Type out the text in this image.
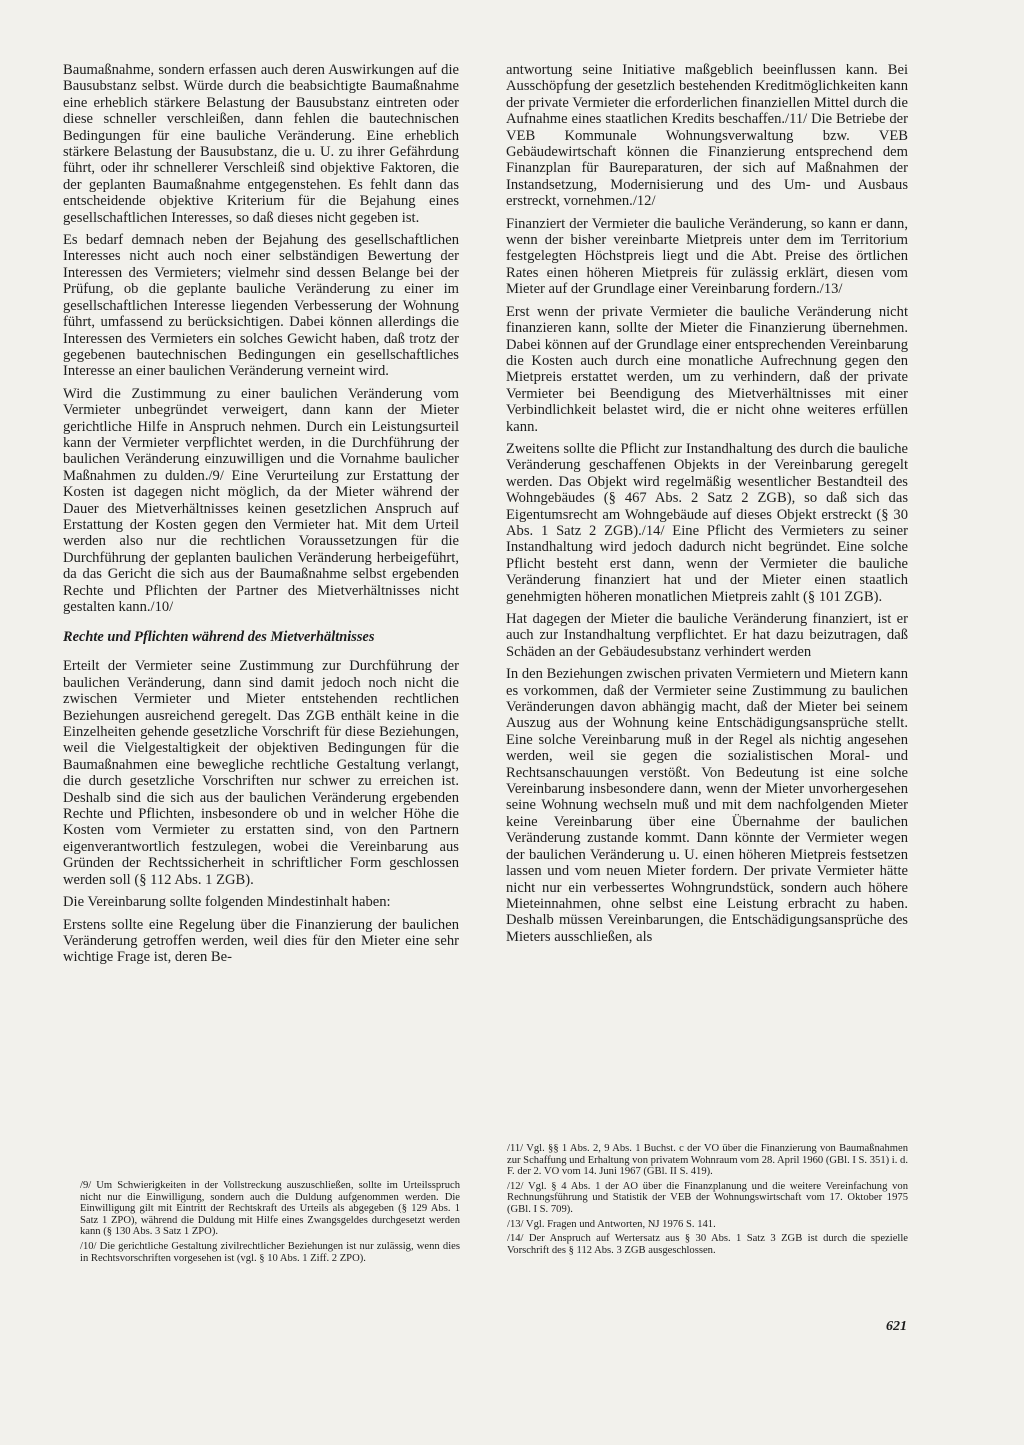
Baumaßnahme, sondern erfassen auch deren Auswirkungen auf die Bausubstanz selbst. Würde durch die beabsichtigte Baumaßnahme eine erheblich stärkere Belastung der Bausubstanz eintreten oder diese schneller verschleißen, dann fehlen die bautechnischen Bedingungen für eine bauliche Veränderung. Eine erheblich stärkere Belastung der Bausubstanz, die u. U. zu ihrer Gefährdung führt, oder ihr schnellerer Verschleiß sind objektive Faktoren, die der geplanten Baumaßnahme entgegenstehen. Es fehlt dann das entscheidende objektive Kriterium für die Bejahung eines gesellschaftlichen Interesses, so daß dieses nicht gegeben ist.

Es bedarf demnach neben der Bejahung des gesellschaftlichen Interesses nicht auch noch einer selbständigen Bewertung der Interessen des Vermieters; vielmehr sind dessen Belange bei der Prüfung, ob die geplante bauliche Veränderung zu einer im gesellschaftlichen Interesse liegenden Verbesserung der Wohnung führt, umfassend zu berücksichtigen. Dabei können allerdings die Interessen des Vermieters ein solches Gewicht haben, daß trotz der gegebenen bautechnischen Bedingungen ein gesellschaftliches Interesse an einer baulichen Veränderung verneint wird.

Wird die Zustimmung zu einer baulichen Veränderung vom Vermieter unbegründet verweigert, dann kann der Mieter gerichtliche Hilfe in Anspruch nehmen. Durch ein Leistungsurteil kann der Vermieter verpflichtet werden, in die Durchführung der baulichen Veränderung einzuwilligen und die Vornahme baulicher Maßnahmen zu dulden./9/ Eine Verurteilung zur Erstattung der Kosten ist dagegen nicht möglich, da der Mieter während der Dauer des Mietverhältnisses keinen gesetzlichen Anspruch auf Erstattung der Kosten gegen den Vermieter hat. Mit dem Urteil werden also nur die rechtlichen Voraussetzungen für die Durchführung der geplanten baulichen Veränderung herbeigeführt, da das Gericht die sich aus der Baumaßnahme selbst ergebenden Rechte und Pflichten der Partner des Mietverhältnisses nicht gestalten kann./10/

Rechte und Pflichten während des Mietverhältnisses

Erteilt der Vermieter seine Zustimmung zur Durchführung der baulichen Veränderung, dann sind damit jedoch noch nicht die zwischen Vermieter und Mieter entstehenden rechtlichen Beziehungen ausreichend geregelt. Das ZGB enthält keine in die Einzelheiten gehende gesetzliche Vorschrift für diese Beziehungen, weil die Vielgestaltigkeit der objektiven Bedingungen für die Baumaßnahmen eine bewegliche rechtliche Gestaltung verlangt, die durch gesetzliche Vorschriften nur schwer zu erreichen ist. Deshalb sind die sich aus der baulichen Veränderung ergebenden Rechte und Pflichten, insbesondere ob und in welcher Höhe die Kosten vom Vermieter zu erstatten sind, von den Partnern eigenverantwortlich festzulegen, wobei die Vereinbarung aus Gründen der Rechtssicherheit in schriftlicher Form geschlossen werden soll (§ 112 Abs. 1 ZGB).

Die Vereinbarung sollte folgenden Mindestinhalt haben:

Erstens sollte eine Regelung über die Finanzierung der baulichen Veränderung getroffen werden, weil dies für den Mieter eine sehr wichtige Frage ist, deren Be-

/9/ Um Schwierigkeiten in der Vollstreckung auszuschließen, sollte im Urteilsspruch nicht nur die Einwilligung, sondern auch die Duldung aufgenommen werden. Die Einwilligung gilt mit Eintritt der Rechtskraft des Urteils als abgegeben (§ 129 Abs. 1 Satz 1 ZPO), während die Duldung mit Hilfe eines Zwangsgeldes durchgesetzt werden kann (§ 130 Abs. 3 Satz 1 ZPO).

/10/ Die gerichtliche Gestaltung zivilrechtlicher Beziehungen ist nur zulässig, wenn dies in Rechtsvorschriften vorgesehen ist (vgl. § 10 Abs. 1 Ziff. 2 ZPO).

antwortung seine Initiative maßgeblich beeinflussen kann. Bei Ausschöpfung der gesetzlich bestehenden Kreditmöglichkeiten kann der private Vermieter die erforderlichen finanziellen Mittel durch die Aufnahme eines staatlichen Kredits beschaffen./11/ Die Betriebe der VEB Kommunale Wohnungsverwaltung bzw. VEB Gebäudewirtschaft können die Finanzierung entsprechend dem Finanzplan für Baureparaturen, der sich auf Maßnahmen der Instandsetzung, Modernisierung und des Um- und Ausbaus erstreckt, vornehmen./12/

Finanziert der Vermieter die bauliche Veränderung, so kann er dann, wenn der bisher vereinbarte Mietpreis unter dem im Territorium festgelegten Höchstpreis liegt und die Abt. Preise des örtlichen Rates einen höheren Mietpreis für zulässig erklärt, diesen vom Mieter auf der Grundlage einer Vereinbarung fordern./13/

Erst wenn der private Vermieter die bauliche Veränderung nicht finanzieren kann, sollte der Mieter die Finanzierung übernehmen. Dabei können auf der Grundlage einer entsprechenden Vereinbarung die Kosten auch durch eine monatliche Aufrechnung gegen den Mietpreis erstattet werden, um zu verhindern, daß der private Vermieter bei Beendigung des Mietverhältnisses mit einer Verbindlichkeit belastet wird, die er nicht ohne weiteres erfüllen kann.

Zweitens sollte die Pflicht zur Instandhaltung des durch die bauliche Veränderung geschaffenen Objekts in der Vereinbarung geregelt werden. Das Objekt wird regelmäßig wesentlicher Bestandteil des Wohngebäudes (§ 467 Abs. 2 Satz 2 ZGB), so daß sich das Eigentumsrecht am Wohngebäude auf dieses Objekt erstreckt (§ 30 Abs. 1 Satz 2 ZGB)./14/ Eine Pflicht des Vermieters zu seiner Instandhaltung wird jedoch dadurch nicht begründet. Eine solche Pflicht besteht erst dann, wenn der Vermieter die bauliche Veränderung finanziert hat und der Mieter einen staatlich genehmigten höheren monatlichen Mietpreis zahlt (§ 101 ZGB).

Hat dagegen der Mieter die bauliche Veränderung finanziert, ist er auch zur Instandhaltung verpflichtet. Er hat dazu beizutragen, daß Schäden an der Gebäudesubstanz verhindert werden

In den Beziehungen zwischen privaten Vermietern und Mietern kann es vorkommen, daß der Vermieter seine Zustimmung zu baulichen Veränderungen davon abhängig macht, daß der Mieter bei seinem Auszug aus der Wohnung keine Entschädigungsansprüche stellt. Eine solche Vereinbarung muß in der Regel als nichtig angesehen werden, weil sie gegen die sozialistischen Moral- und Rechtsanschauungen verstößt. Von Bedeutung ist eine solche Vereinbarung insbesondere dann, wenn der Mieter unvorhergesehen seine Wohnung wechseln muß und mit dem nachfolgenden Mieter keine Vereinbarung über eine Übernahme der baulichen Veränderung zustande kommt. Dann könnte der Vermieter wegen der baulichen Veränderung u. U. einen höheren Mietpreis festsetzen lassen und vom neuen Mieter fordern. Der private Vermieter hätte nicht nur ein verbessertes Wohngrundstück, sondern auch höhere Mieteinnahmen, ohne selbst eine Leistung erbracht zu haben. Deshalb müssen Vereinbarungen, die Entschädigungsansprüche des Mieters ausschließen, als

/11/ Vgl. §§ 1 Abs. 2, 9 Abs. 1 Buchst. c der VO über die Finanzierung von Baumaßnahmen zur Schaffung und Erhaltung von privatem Wohnraum vom 28. April 1960 (GBl. I S. 351) i. d. F. der 2. VO vom 14. Juni 1967 (GBl. II S. 419).

/12/ Vgl. § 4 Abs. 1 der AO über die Finanzplanung und die weitere Vereinfachung von Rechnungsführung und Statistik der VEB der Wohnungswirtschaft vom 17. Oktober 1975 (GBl. I S. 709).

/13/ Vgl. Fragen und Antworten, NJ 1976 S. 141.

/14/ Der Anspruch auf Wertersatz aus § 30 Abs. 1 Satz 3 ZGB ist durch die spezielle Vorschrift des § 112 Abs. 3 ZGB ausgeschlossen.

621
